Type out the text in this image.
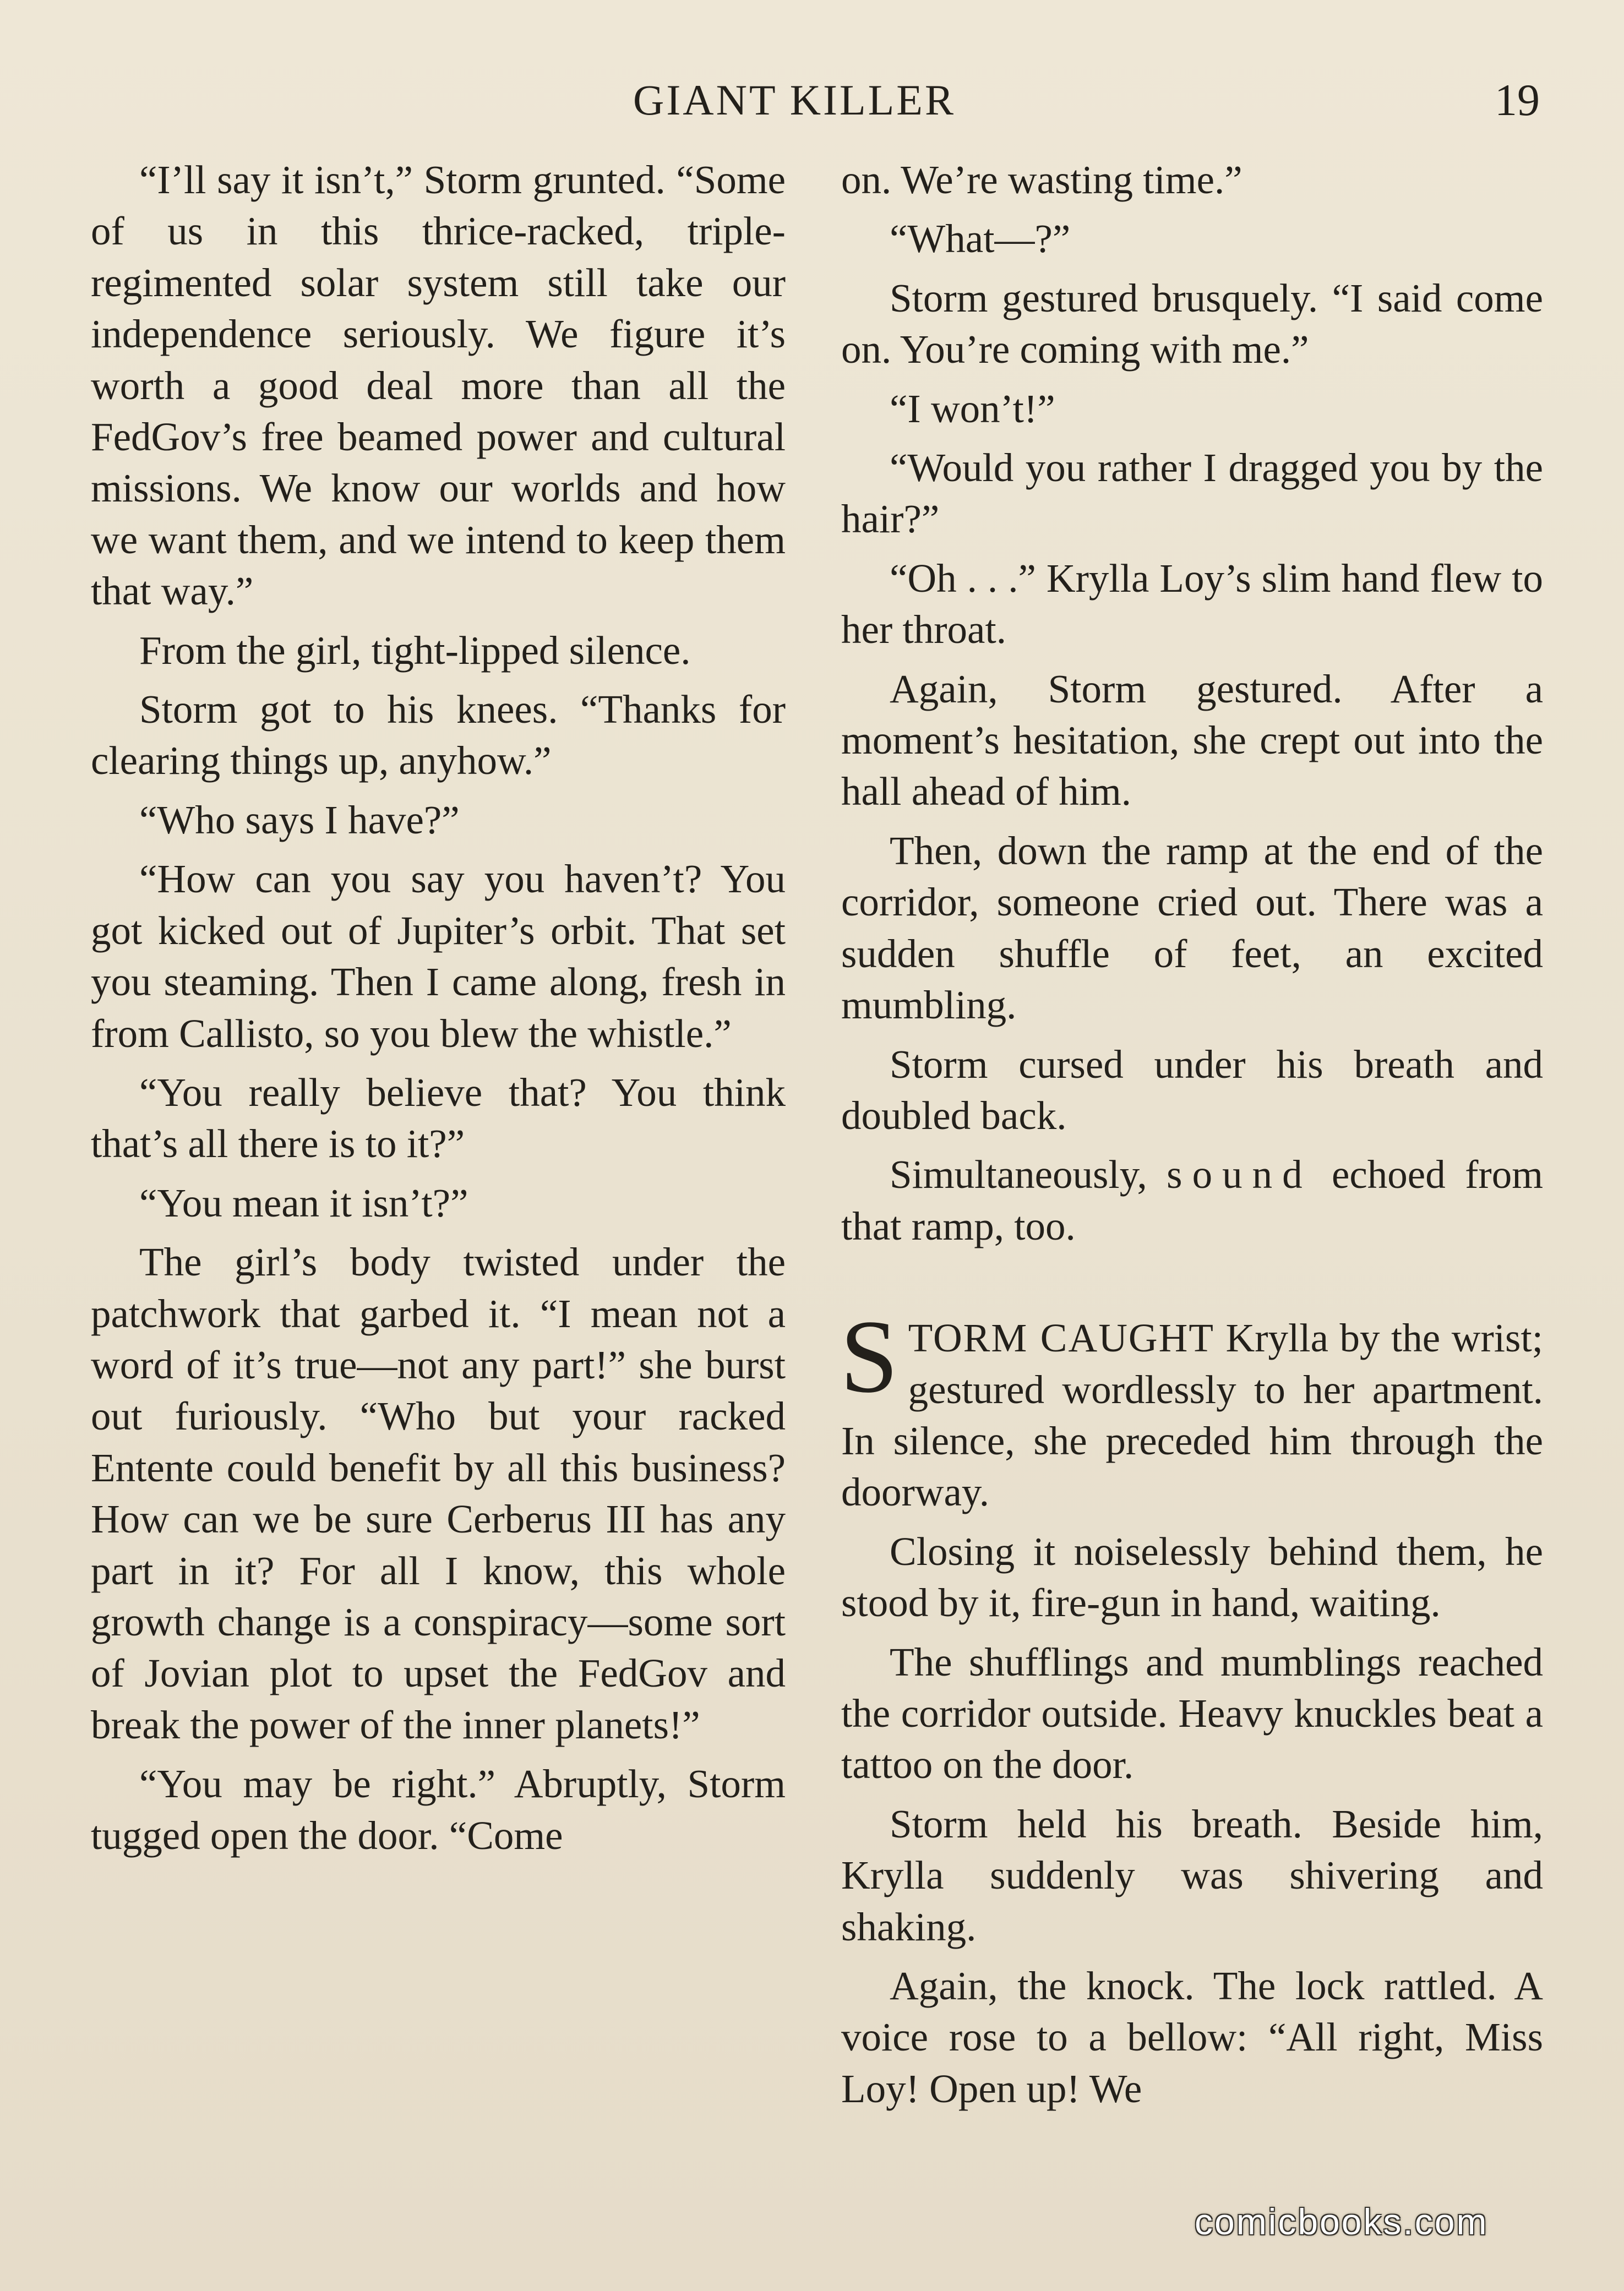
GIANT KILLER	19

“I’ll say it isn’t,” Storm grunted. “Some of us in this thrice-racked, triple-regimented solar system still take our independence seriously. We figure it’s worth a good deal more than all the FedGov’s free beamed power and cultural missions. We know our worlds and how we want them, and we intend to keep them that way.”

From the girl, tight-lipped silence.

Storm got to his knees. “Thanks for clearing things up, anyhow.”

“Who says I have?”

“How can you say you haven’t? You got kicked out of Jupiter’s orbit. That set you steaming. Then I came along, fresh in from Callisto, so you blew the whistle.”

“You really believe that? You think that’s all there is to it?”

“You mean it isn’t?”

The girl’s body twisted under the patchwork that garbed it. “I mean not a word of it’s true—not any part!” she burst out furiously. “Who but your racked Entente could benefit by all this business? How can we be sure Cerberus III has any part in it? For all I know, this whole growth change is a conspiracy—some sort of Jovian plot to upset the FedGov and break the power of the inner planets!”

“You may be right.” Abruptly, Storm tugged open the door. “Come

on. We’re wasting time.”

“What—?”

Storm gestured brusquely. “I said come on. You’re coming with me.”

“I won’t!”

“Would you rather I dragged you by the hair?”

“Oh . . .” Krylla Loy’s slim hand flew to her throat.

Again, Storm gestured. After a moment’s hesitation, she crept out into the hall ahead of him.

Then, down the ramp at the end of the corridor, someone cried out. There was a sudden shuffle of feet, an excited mumbling.

Storm cursed under his breath and doubled back.

Simultaneously, sound echoed from that ramp, too.

STORM CAUGHT Krylla by the wrist; gestured wordlessly to her apartment. In silence, she preceded him through the doorway.

Closing it noiselessly behind them, he stood by it, fire-gun in hand, waiting.

The shufflings and mumblings reached the corridor outside. Heavy knuckles beat a tattoo on the door.

Storm held his breath. Beside him, Krylla suddenly was shivering and shaking.

Again, the knock. The lock rattled. A voice rose to a bellow: “All right, Miss Loy! Open up! We

comicbooks.com
